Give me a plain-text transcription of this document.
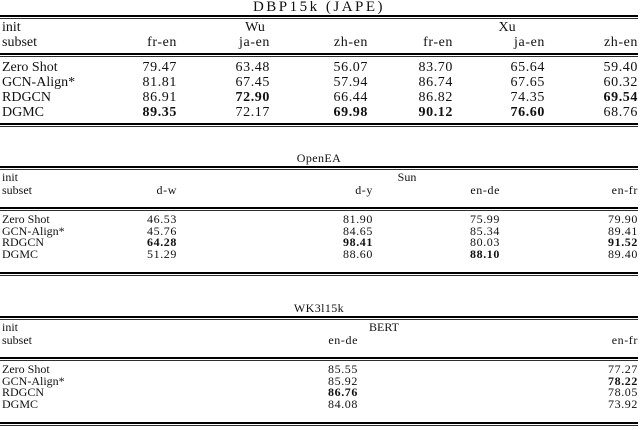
DBP15k (JAPE)
init	Wu			Xu		
subset	fr-en	ja-en	zh-en	fr-en	ja-en	zh-en
Zero Shot	79.47	63.48	56.07	83.70	65.64	59.40
GCN-Align*	81.81	67.45	57.94	86.74	67.65	60.32
RDGCN	86.91	72.90	66.44	86.82	74.35	69.54
DGMC	89.35	72.17	69.98	90.12	76.60	68.76
OpenEA
init	Sun			
subset	d-w	d-y	en-de	en-fr
Zero Shot	46.53	81.90	75.99	79.90
GCN-Align*	45.76	84.65	85.34	89.41
RDGCN	64.28	98.41	80.03	91.52
DGMC	51.29	88.60	88.10	89.40
WK3l15k
init	BERT	
subset	en-de	en-fr
Zero Shot	85.55	77.27
GCN-Align*	85.92	78.22
RDGCN	86.76	78.05
DGMC	84.08	73.92
